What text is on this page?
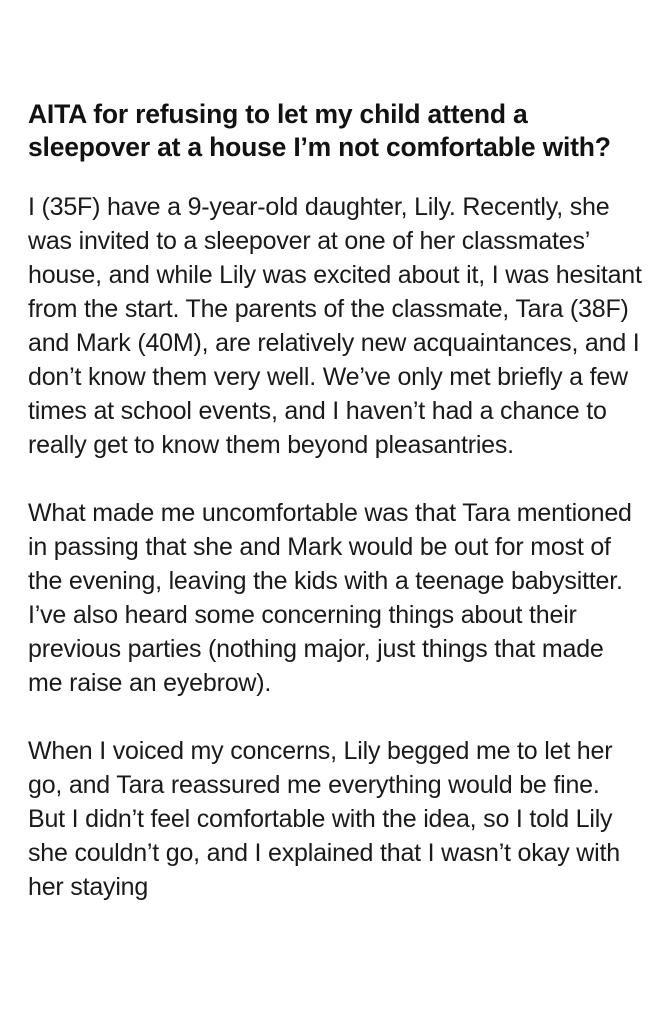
AITA for refusing to let my child attend a sleepover at a house I’m not comfortable with?

I (35F) have a 9-year-old daughter, Lily. Recently, she was invited to a sleepover at one of her classmates’ house, and while Lily was excited about it, I was hesitant from the start. The parents of the classmate, Tara (38F) and Mark (40M), are relatively new acquaintances, and I don’t know them very well. We’ve only met briefly a few times at school events, and I haven’t had a chance to really get to know them beyond pleasantries.

What made me uncomfortable was that Tara mentioned in passing that she and Mark would be out for most of the evening, leaving the kids with a teenage babysitter. I’ve also heard some concerning things about their previous parties (nothing major, just things that made me raise an eyebrow).

When I voiced my concerns, Lily begged me to let her go, and Tara reassured me everything would be fine. But I didn’t feel comfortable with the idea, so I told Lily she couldn’t go, and I explained that I wasn’t okay with her staying
